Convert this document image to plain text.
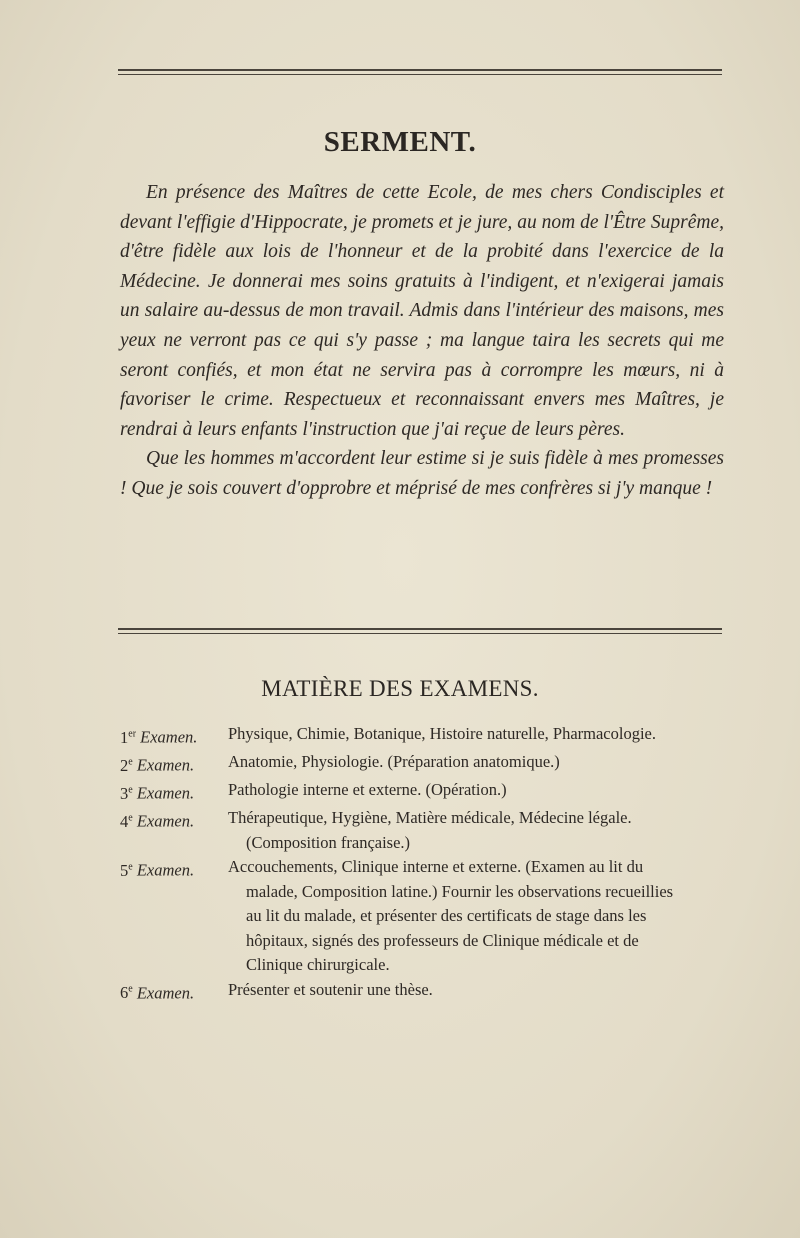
SERMENT.

En présence des Maîtres de cette Ecole, de mes chers Condisciples et devant l'effigie d'Hippocrate, je promets et je jure, au nom de l'Être Suprême, d'être fidèle aux lois de l'honneur et de la probité dans l'exercice de la Médecine. Je donnerai mes soins gratuits à l'indigent, et n'exigerai jamais un salaire au-dessus de mon travail. Admis dans l'intérieur des maisons, mes yeux ne verront pas ce qui s'y passe ; ma langue taira les secrets qui me seront confiés, et mon état ne servira pas à corrompre les mœurs, ni à favoriser le crime. Respectueux et reconnaissant envers mes Maîtres, je rendrai à leurs enfants l'instruction que j'ai reçue de leurs pères.

Que les hommes m'accordent leur estime si je suis fidèle à mes promesses ! Que je sois couvert d'opprobre et méprisé de mes confrères si j'y manque !

MATIÈRE DES EXAMENS.
1er Examen.	Physique, Chimie, Botanique, Histoire naturelle, Pharmacologie.
2e Examen.	Anatomie, Physiologie. (Préparation anatomique.)
3e Examen.	Pathologie interne et externe. (Opération.)
4e Examen.	Thérapeutique, Hygiène, Matière médicale, Médecine légale.
(Composition française.)
5e Examen.	Accouchements, Clinique interne et externe. (Examen au lit du
malade, Composition latine.) Fournir les observations recueillies
au lit du malade, et présenter des certificats de stage dans les
hôpitaux, signés des professeurs de Clinique médicale et de
Clinique chirurgicale.
6e Examen.	Présenter et soutenir une thèse.
